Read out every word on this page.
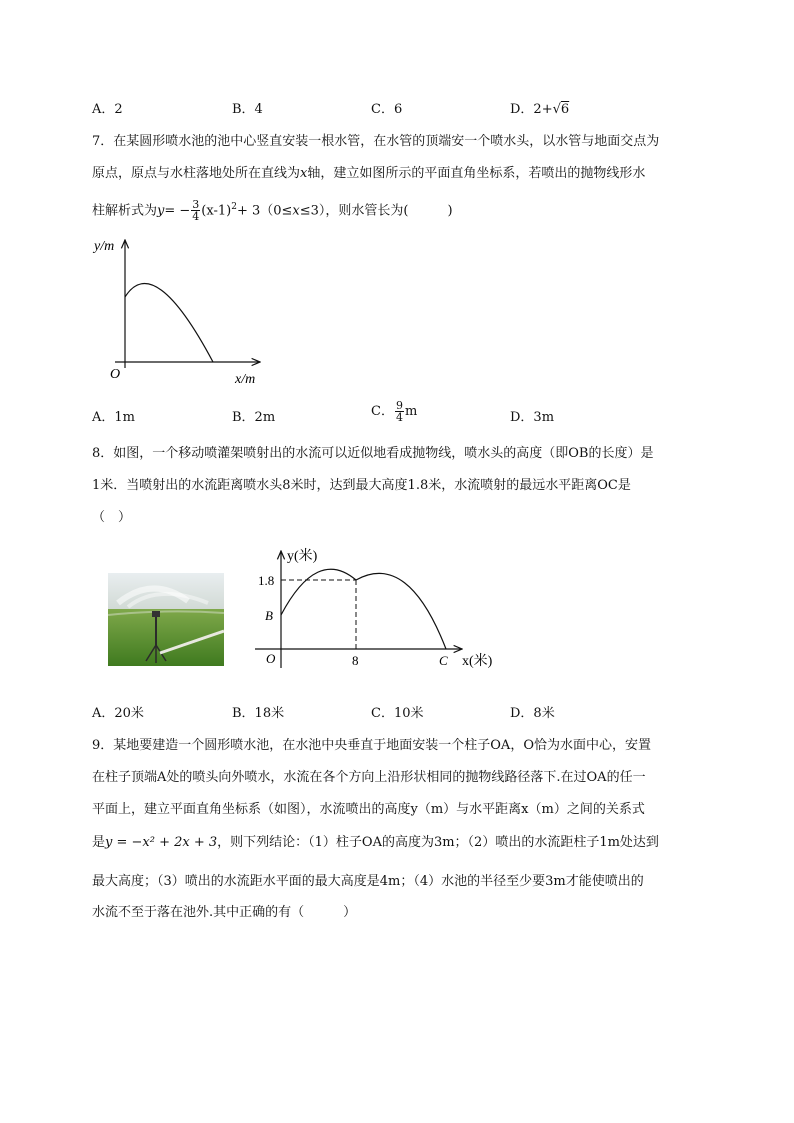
A．2	B．4	C．6	D．2+√6
7．在某圆形喷水池的池中心竖直安装一根水管，在水管的顶端安一个喷水头，以水管与地面交点为
原点，原点与水柱落地处所在直线为x轴，建立如图所示的平面直角坐标系，若喷出的抛物线形水
柱解析式为$y= - \frac{3}{4} (x-1)^2+ 3(0\le x\le 3)$，则水管长为(　　　)
y/m
x/m
O
A．1m	B．2m	C． $\frac{9}{4}$ m	D．3m
8．如图，一个移动喷灌架喷射出的水流可以近似地看成抛物线，喷水头的高度（即OB的长度）是
1米．当喷射出的水流距离喷水头8米时，达到最大高度1.8米，水流喷射的最远水平距离OC是
（　）
y(米)
1.8
B
O	8	C x(米)
A．20米	B．18米	C．10米	D．8米
9．某地要建造一个圆形喷水池，在水池中央垂直于地面安装一个柱子OA，O恰为水面中心，安置
在柱子顶端A处的喷头向外喷水，水流在各个方向上沿形状相同的抛物线路径落下.在过OA的任一
平面上，建立平面直角坐标系（如图），水流喷出的高度y（m）与水平距离x（m）之间的关系式
是y = −x² + 2x + 3，则下列结论：（1）柱子OA的高度为3m；（2）喷出的水流距柱子1m处达到
最大高度；（3）喷出的水流距水平面的最大高度是4m；（4）水池的半径至少要3m才能使喷出的
水流不至于落在池外.其中正确的有（　　　）
